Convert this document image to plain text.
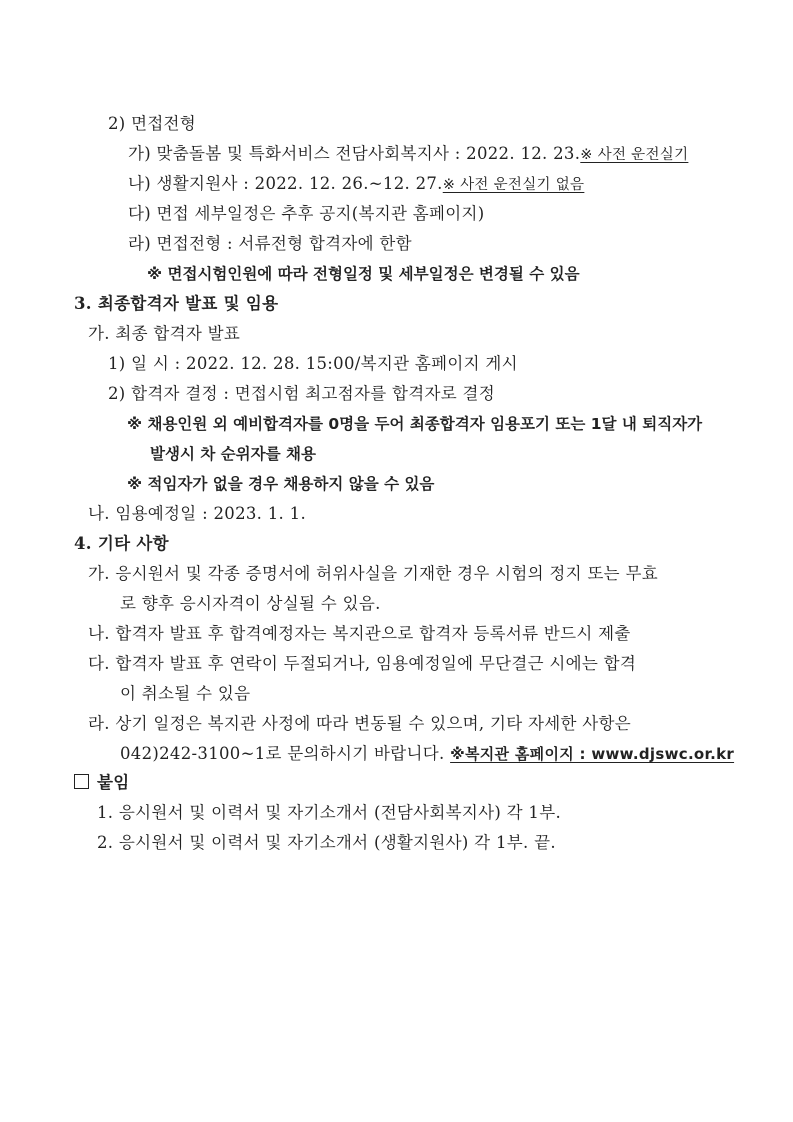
2) 면접전형
가) 맞춤돌봄 및 특화서비스 전담사회복지사 : 2022. 12. 23.※ 사전 운전실기
나) 생활지원사 : 2022. 12. 26.~12. 27.※ 사전 운전실기 없음
다) 면접 세부일정은 추후 공지(복지관 홈페이지)
라) 면접전형 : 서류전형 합격자에 한함
※ 면접시험인원에 따라 전형일정 및 세부일정은 변경될 수 있음
3. 최종합격자 발표 및 임용
가. 최종 합격자 발표
1) 일 시 : 2022. 12. 28. 15:00/복지관 홈페이지 게시
2) 합격자 결정 : 면접시험 최고점자를 합격자로 결정
※ 채용인원 외 예비합격자를 0명을 두어 최종합격자 임용포기 또는 1달 내 퇴직자가
발생시 차 순위자를 채용
※ 적임자가 없을 경우 채용하지 않을 수 있음
나. 임용예정일 : 2023. 1. 1.
4. 기타 사항
가. 응시원서 및 각종 증명서에 허위사실을 기재한 경우 시험의 정지 또는 무효
로 향후 응시자격이 상실될 수 있음.
나. 합격자 발표 후 합격예정자는 복지관으로 합격자 등록서류 반드시 제출
다. 합격자 발표 후 연락이 두절되거나, 임용예정일에 무단결근 시에는 합격
이 취소될 수 있음
라. 상기 일정은 복지관 사정에 따라 변동될 수 있으며, 기타 자세한 사항은
042)242-3100~1로 문의하시기 바랍니다. ※복지관 홈페이지 : www.djswc.or.kr
붙임
1. 응시원서 및 이력서 및 자기소개서 (전담사회복지사) 각 1부.
2. 응시원서 및 이력서 및 자기소개서 (생활지원사) 각 1부. 끝.
